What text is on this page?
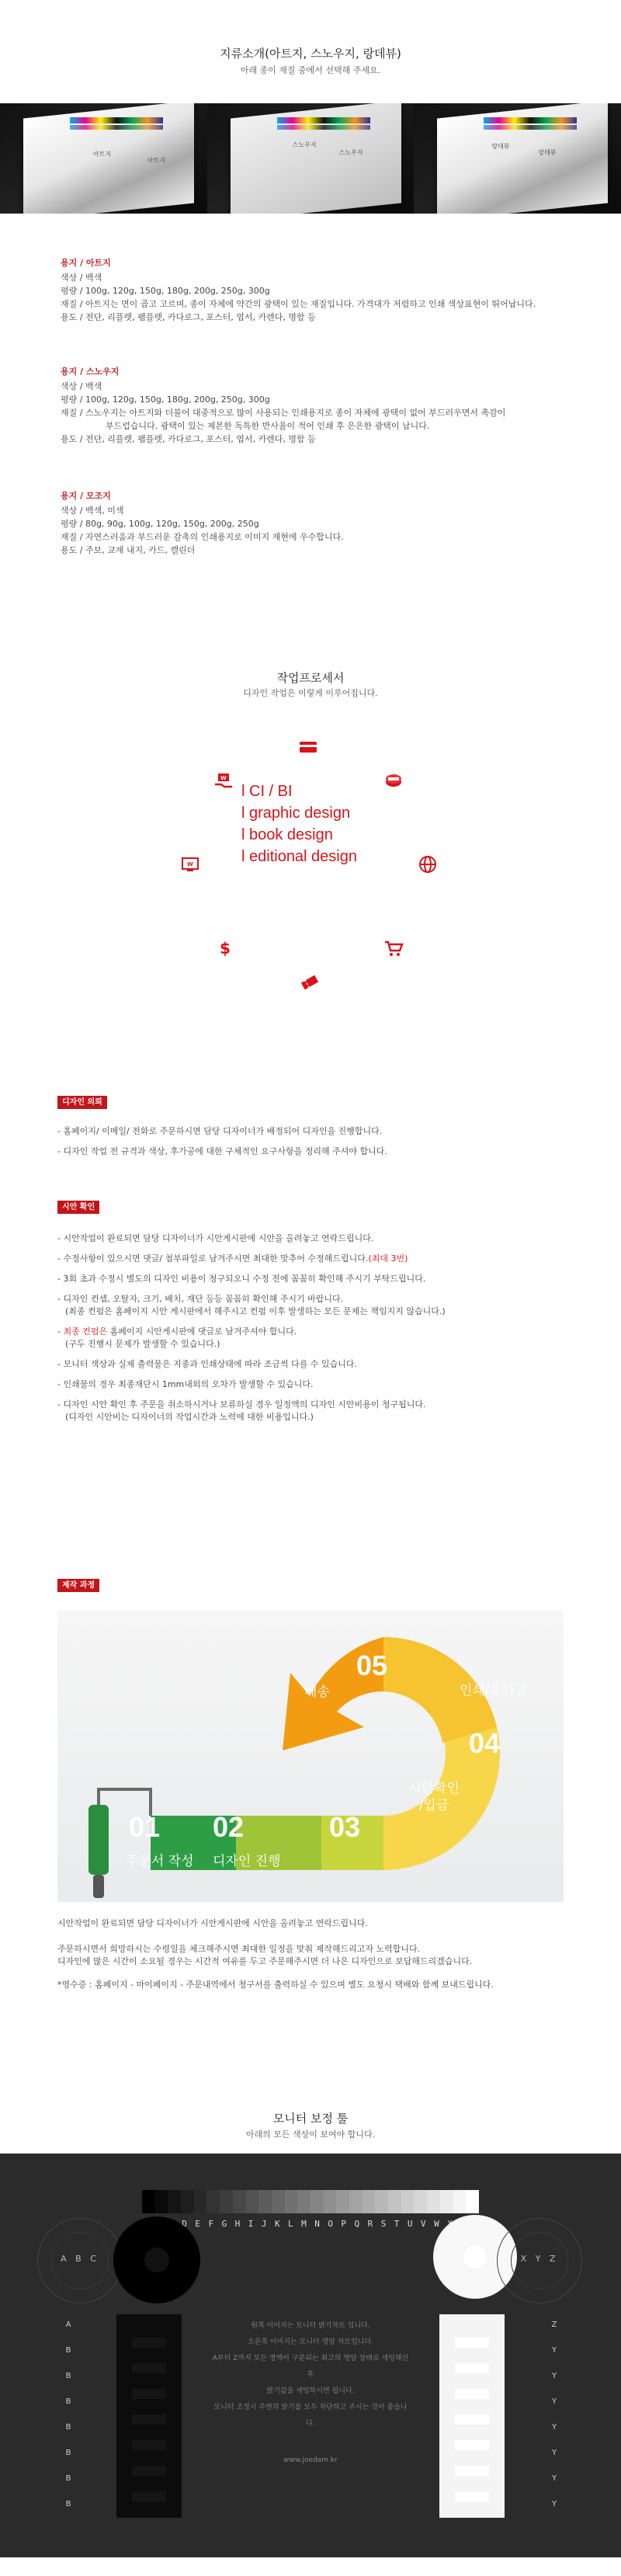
지류소개(아트지, 스노우지, 랑데뷰)
아래 종이 재질 중에서 선택해 주세요.
아트지
아트지
스노우지
스노우지
랑데뷰
랑데뷰
용지 / 아트지
색상 / 백색
평량 / 100g, 120g, 150g, 180g, 200g, 250g, 300g
재질 / 아트지는 면이 곱고 고르며, 종이 자체에 약간의 광택이 있는 재질입니다. 가격대가 저렴하고 인쇄 색상표현이 뛰어납니다.
용도 / 전단, 리플렛, 팸플렛, 카다로그, 포스터, 엽서, 카렌다, 명함 등
용지 / 스노우지
색상 / 백색
평량 / 100g, 120g, 150g, 180g, 200g, 250g, 300g
재질 / 스노우지는 아트지와 더불어 대중적으로 많이 사용되는 인쇄용지로 종이 자체에 광택이 없어 부드러우면서 촉감이
부드럽습니다. 광택이 있는 제본한 독특한 반사율이 적어 인쇄 후 은은한 광택이 납니다.
용도 / 전단, 리플렛, 팸플렛, 카다로그, 포스터, 엽서, 카렌다, 명함 등
용지 / 모조지
색상 / 백색, 미색
평량 / 80g, 90g, 100g, 120g, 150g, 200g, 250g
재질 / 자연스러움과 부드러운 감촉의 인쇄용지로 이미지 재현에 우수합니다.
용도 / 주보, 교재 내지, 카드, 캘린더
작업프로세서
디자인 작업은 이렇게 이루어집니다.
$
W
W
l CI / BI
l graphic design
l book design
l editional design
디자인 의뢰
- 홈페이지/ 이메일/ 전화로 주문하시면 담당 디자이너가 배정되어 디자인을 진행합니다.
- 디자인 작업 전 규격과 색상, 후가공에 대한 구체적인 요구사항을 정리해 주셔야 합니다.
시안 확인
- 시안작업이 완료되면 담당 디자이너가 시안게시판에 시안을 올려놓고 연락드립니다.
- 수정사항이 있으시면 댓글/ 첨부파일로 남겨주시면 최대한 맞추어 수정해드립니다.(최대 3번)
- 3회 초과 수정시 별도의 디자인 비용이 청구되오니 수정 전에 꼼꼼히 확인해 주시기 부탁드립니다.
- 디자인 컨셉, 오탈자, 크기, 배치, 재단 등등 꼼꼼히 확인해 주시기 바랍니다.
(최종 컨펌은 홈페이지 시안 게시판에서 해주시고 컨펌 이후 발생하는 모든 문제는 책임지지 않습니다.)
- 최종 컨펌은 홈페이지 시안게시판에 댓글로 남겨주셔야 합니다.
(구두 진행시 문제가 발생할 수 있습니다.)
- 모니터 색상과 실제 출력물은 지종과 인쇄상태에 따라 조금씩 다를 수 있습니다.
- 인쇄물의 경우 최종재단시 1mm내외의 오차가 발생할 수 있습니다.
- 디자인 시안 확인 후 주문을 취소하시거나 보류하실 경우 일정액의 디자인 시안비용이 청구됩니다.
(디자인 시안비는 디자이너의 작업시간과 노력에 대한 비용입니다.)
제작 과정
01
주문서 작성
02
디자인 진행
03
시안확인 /입금
04
인쇄/후가공
05
배송
시안작업이 완료되면 담당 디자이너가 시안게시판에 시안을 올려놓고 연락드립니다.
주문하시면서 희망하시는 수령일을 체크해주시면 최대한 일정을 맞춰 제작해드리고자 노력합니다.
디자인에 많은 시간이 소요될 경우는 시간적 여유를 두고 주문해주시면 더 나은 디자인으로 보답해드리겠습니다.
*영수증 : 홈페이지 - 마이페이지 - 주문내역에서 청구서를 출력하실 수 있으며 별도 요청시 택배와 함께 보내드립니다.
모니터 보정 툴
아래의 모든 색상이 보여야 합니다.
D E F G H I J K L M N O P Q R S T U V W
A B C	X Y Z
A
B
B
B
B
B
B
B
Z
Y
Y
Y
Y
Y
Y
Y
원쪽 이미지는 모니터 밝기차트 입니다.
오른쪽 이미지는 모니터 명암 차트입니다.
A부터 Z까지 모든 명백이 구분되는 최고의 명암 상태로 세팅해신 후
밝기값을 세팅하시면 됩니다.
모니터 조정시 주변의 밝기를 모두 차단하고 주시는 것이 좋습니다.
www.joedam.kr
